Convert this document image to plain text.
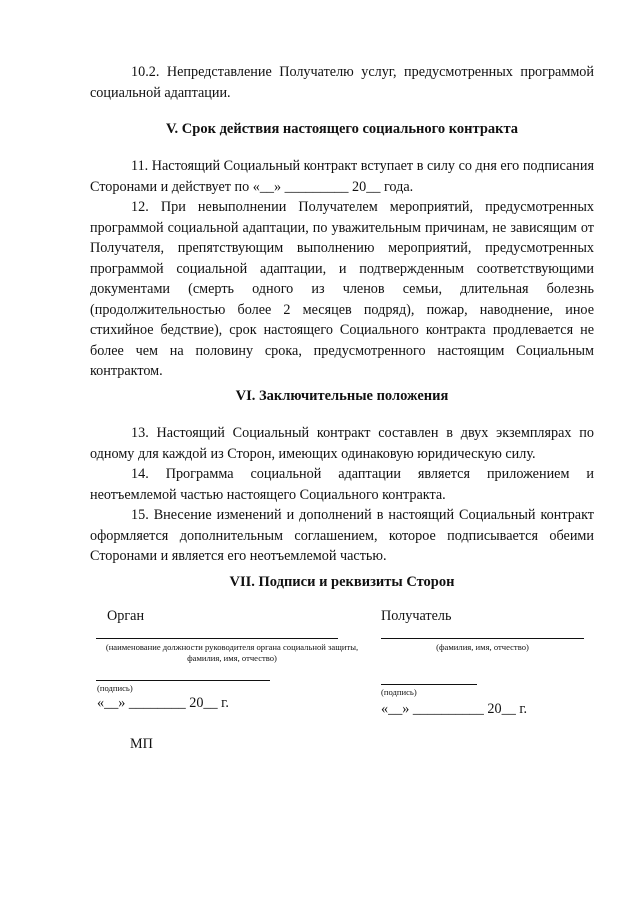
10.2. Непредставление Получателю услуг, предусмотренных программой социальной адаптации.

V. Срок действия настоящего социального контракта

11. Настоящий Социальный контракт вступает в силу со дня его подписания Сторонами и действует по «__» _________ 20__ года.

12. При невыполнении Получателем мероприятий, предусмотренных программой социальной адаптации, по уважительным причинам, не зависящим от Получателя, препятствующим выполнению мероприятий, предусмотренных программой социальной адаптации, и подтвержденным соответствующими документами (смерть одного из членов семьи, длительная болезнь (продолжительностью более 2 месяцев подряд), пожар, наводнение, иное стихийное бедствие), срок настоящего Социального контракта продлевается не более чем на половину срока, предусмотренного настоящим Социальным контрактом.

VI. Заключительные положения

13. Настоящий Социальный контракт составлен в двух экземплярах по одному для каждой из Сторон, имеющих одинаковую юридическую силу.

14. Программа социальной адаптации является приложением и неотъемлемой частью настоящего Социального контракта.

15. Внесение изменений и дополнений в настоящий Социальный контракт оформляется дополнительным соглашением, которое подписывается обеими Сторонами и является его неотъемлемой частью.

VII. Подписи и реквизиты Сторон

Орган
(наименование должности руководителя органа социальной защиты, фамилия, имя, отчество)
(подпись)
«__» ________ 20__ г.
Получатель
(фамилия, имя, отчество)
(подпись)
«__» __________ 20__ г.
МП
